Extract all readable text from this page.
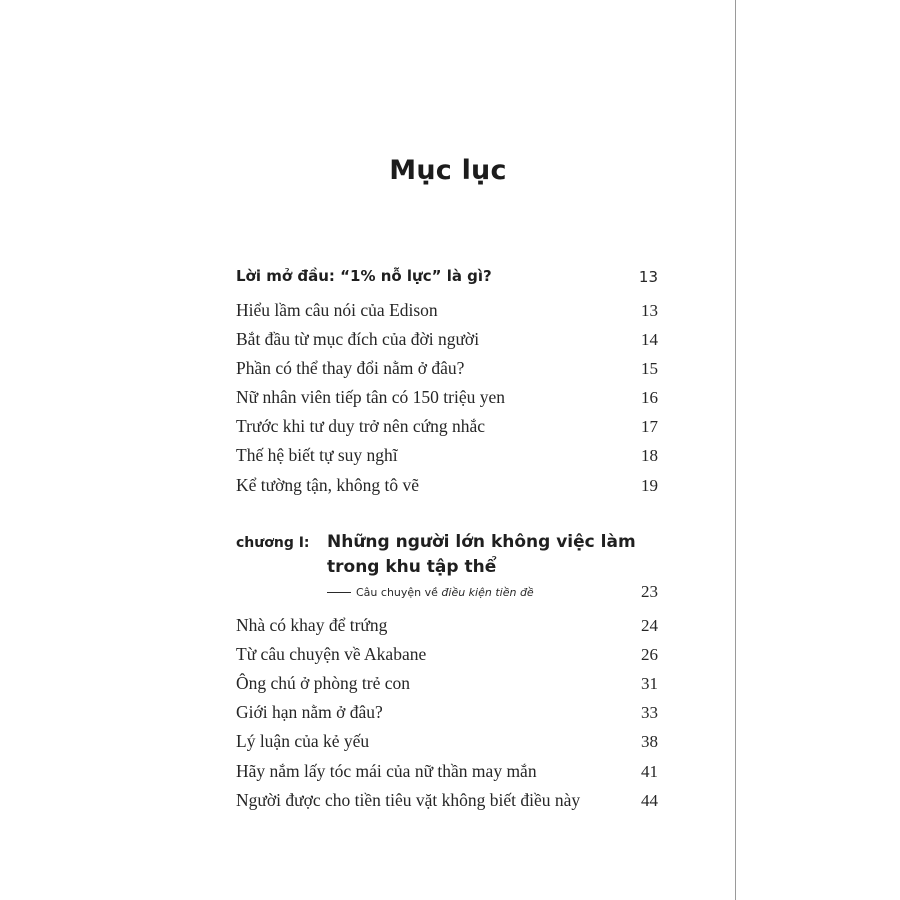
Mục lục
Lời mở đầu: “1% nỗ lực” là gì?	13
Hiểu lầm câu nói của Edison	13
Bắt đầu từ mục đích của đời người	14
Phần có thể thay đổi nằm ở đâu?	15
Nữ nhân viên tiếp tân có 150 triệu yen	16
Trước khi tư duy trở nên cứng nhắc	17
Thế hệ biết tự suy nghĩ	18
Kể tường tận, không tô vẽ	19
chương I: Những người lớn không việc làm
trong khu tập thể
Câu chuyện về điều kiện tiền đề	23
Nhà có khay để trứng	24
Từ câu chuyện về Akabane	26
Ông chú ở phòng trẻ con	31
Giới hạn nằm ở đâu?	33
Lý luận của kẻ yếu	38
Hãy nắm lấy tóc mái của nữ thần may mắn	41
Người được cho tiền tiêu vặt không biết điều này	44
